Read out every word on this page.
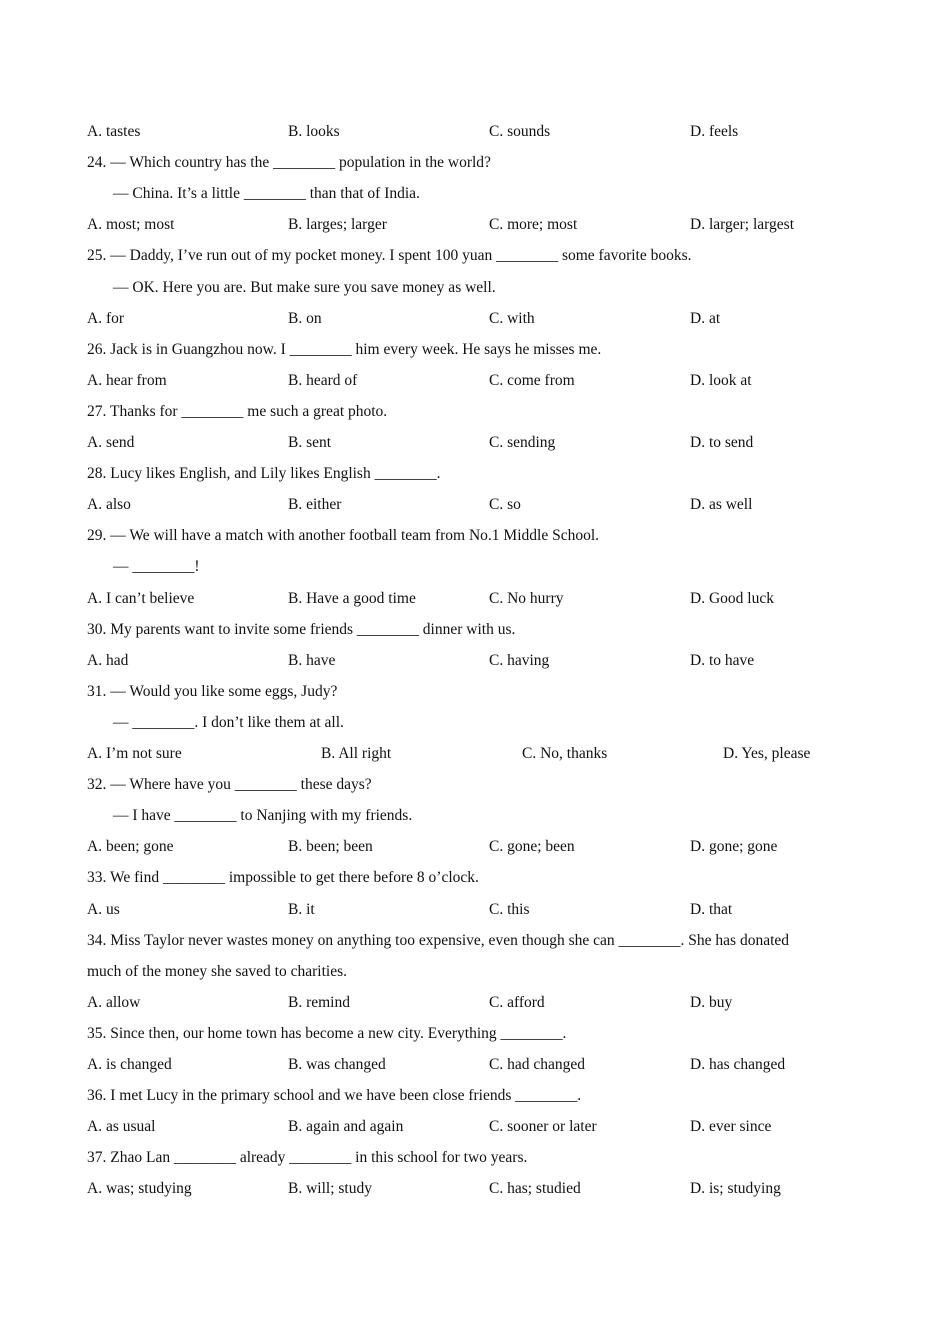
A. tastes	B. looks	C. sounds	D. feels
24. — Which country has the ________ population in the world?
— China. It’s a little ________ than that of India.
A. most; most	B. larges; larger	C. more; most	D. larger; largest
25. — Daddy, I’ve run out of my pocket money. I spent 100 yuan ________ some favorite books.
— OK. Here you are. But make sure you save money as well.
A. for	B. on	C. with	D. at
26. Jack is in Guangzhou now. I ________ him every week. He says he misses me.
A. hear from	B. heard of	C. come from	D. look at
27. Thanks for ________ me such a great photo.
A. send	B. sent	C. sending	D. to send
28. Lucy likes English, and Lily likes English ________.
A. also	B. either	C. so	D. as well
29. — We will have a match with another football team from No.1 Middle School.
— ________!
A. I can’t believe	B. Have a good time	C. No hurry	D. Good luck
30. My parents want to invite some friends ________ dinner with us.
A. had	B. have	C. having	D. to have
31. — Would you like some eggs, Judy?
— ________. I don’t like them at all.
A. I’m not sure	B. All right	C. No, thanks	D. Yes, please
32. — Where have you ________ these days?
— I have ________ to Nanjing with my friends.
A. been; gone	B. been; been	C. gone; been	D. gone; gone
33. We find ________ impossible to get there before 8 o’clock.
A. us	B. it	C. this	D. that
34. Miss Taylor never wastes money on anything too expensive, even though she can ________. She has donated
much of the money she saved to charities.
A. allow	B. remind	C. afford	D. buy
35. Since then, our home town has become a new city. Everything ________.
A. is changed	B. was changed	C. had changed	D. has changed
36. I met Lucy in the primary school and we have been close friends ________.
A. as usual	B. again and again	C. sooner or later	D. ever since
37. Zhao Lan ________ already ________ in this school for two years.
A. was; studying	B. will; study	C. has; studied	D. is; studying
